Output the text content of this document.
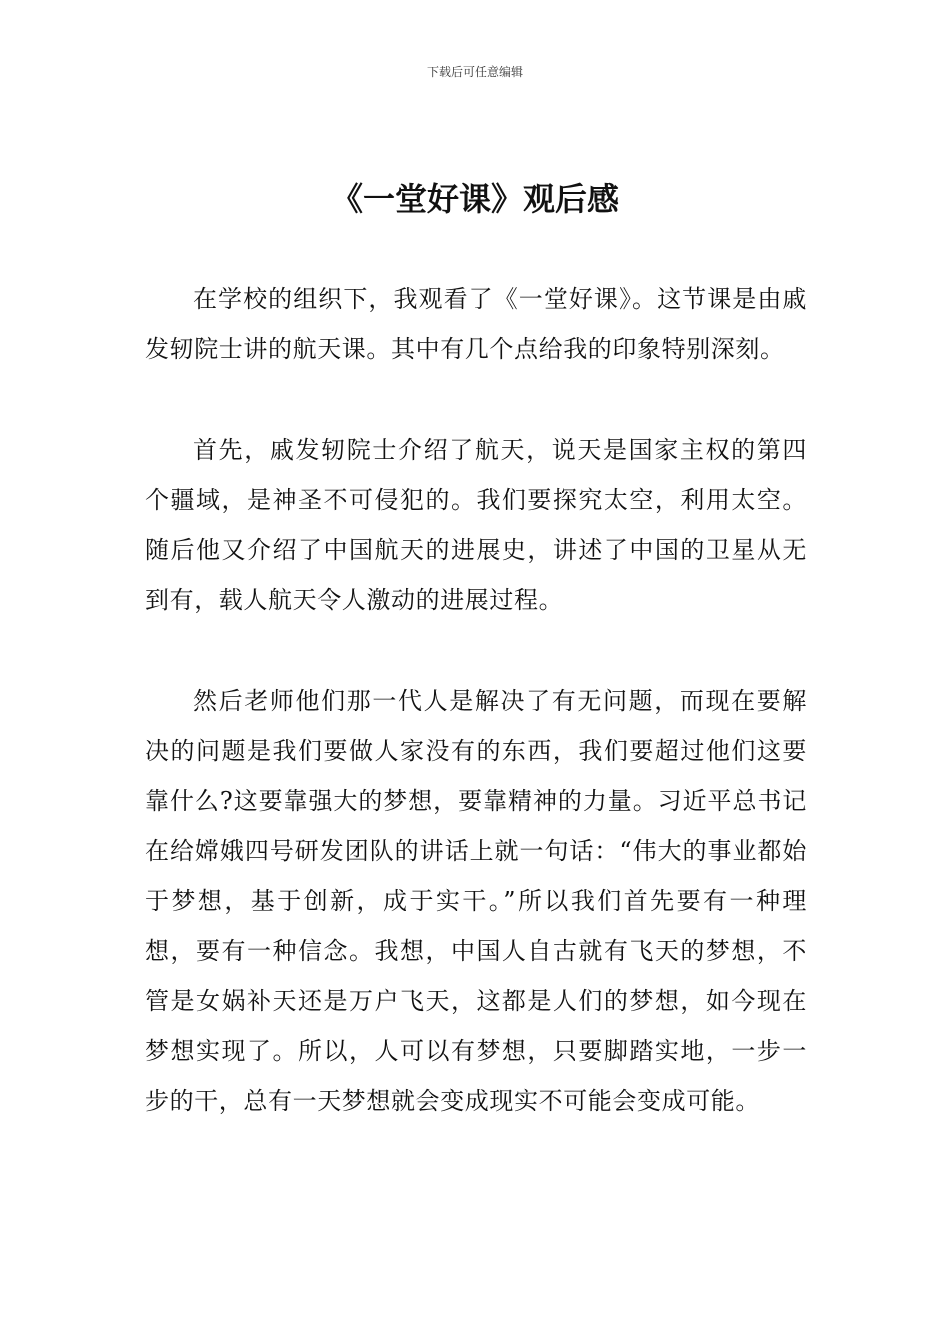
下载后可任意编辑
《一堂好课》观后感

在学校的组织下，我观看了《一堂好课》。这节课是由戚发轫院士讲的航天课。其中有几个点给我的印象特别深刻。

首先，戚发轫院士介绍了航天，说天是国家主权的第四个疆域，是神圣不可侵犯的。我们要探究太空，利用太空。随后他又介绍了中国航天的进展史，讲述了中国的卫星从无到有，载人航天令人激动的进展过程。

然后老师他们那一代人是解决了有无问题，而现在要解决的问题是我们要做人家没有的东西，我们要超过他们这要靠什么?这要靠强大的梦想，要靠精神的力量。习近平总书记在给嫦娥四号研发团队的讲话上就一句话：“伟大的事业都始于梦想，基于创新，成于实干。”所以我们首先要有一种理想，要有一种信念。我想，中国人自古就有飞天的梦想，不管是女娲补天还是万户飞天，这都是人们的梦想，如今现在梦想实现了。所以，人可以有梦想，只要脚踏实地，一步一步的干，总有一天梦想就会变成现实不可能会变成可能。
